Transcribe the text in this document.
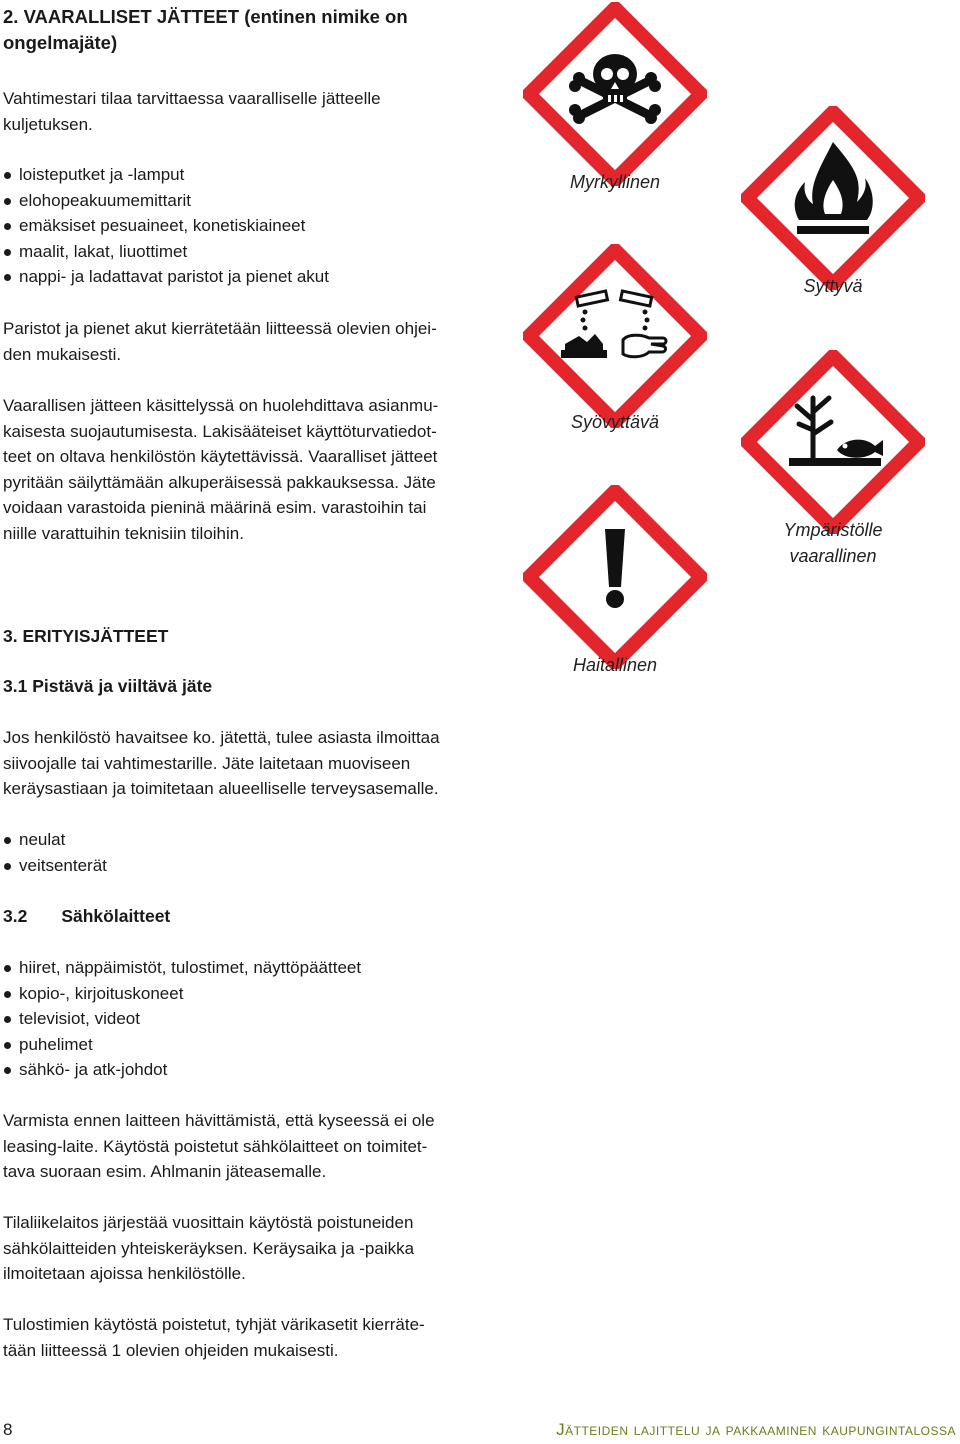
2. VAARALLISET JÄTTEET (entinen nimike on ongelmajäte)
Vahtimestari tilaa tarvittaessa vaaralliselle jätteelle
kuljetuksen.
loisteputket ja -lamput
elohopeakuumemittarit
emäksiset pesuaineet, konetiskiaineet
maalit, lakat, liuottimet
nappi- ja ladattavat paristot ja pienet akut
Paristot ja pienet akut kierrätetään liitteessä olevien ohjei-
den mukaisesti.
Vaarallisen jätteen käsittelyssä on huolehdittava asianmu-
kaisesta suojautumisesta. Lakisääteiset käyttöturvatiedot-
teet on oltava henkilöstön käytettävissä. Vaaralliset jätteet
pyritään säilyttämään alkuperäisessä pakkauksessa. Jäte
voidaan varastoida pieninä määrinä esim. varastoihin tai
niille varattuihin teknisiin tiloihin.
Myrkyllinen
Syttyvä
Syövyttävä
Ympäristölle
vaarallinen
Haitallinen
3. ERITYISJÄTTEET
3.1 Pistävä ja viiltävä jäte
Jos henkilöstö havaitsee ko. jätettä, tulee asiasta ilmoittaa
siivoojalle tai vahtimestarille. Jäte laitetaan muoviseen
keräysastiaan ja toimitetaan alueelliselle terveysasemalle.
neulat
veitsenterät
3.2 Sähkölaitteet
hiiret, näppäimistöt, tulostimet, näyttöpäätteet
kopio-, kirjoituskoneet
televisiot, videot
puhelimet
sähkö- ja atk-johdot
Varmista ennen laitteen hävittämistä, että kyseessä ei ole
leasing-laite. Käytöstä poistetut sähkölaitteet on toimitet-
tava suoraan esim. Ahlmanin jäteasemalle.
Tilaliikelaitos järjestää vuosittain käytöstä poistuneiden
sähkölaitteiden yhteiskeräyksen. Keräysaika ja -paikka
ilmoitetaan ajoissa henkilöstölle.
Tulostimien käytöstä poistetut, tyhjät värikasetit kierräte-
tään liitteessä 1 olevien ohjeiden mukaisesti.
8	Jätteiden lajittelu ja pakkaaminen kaupungintalossa
